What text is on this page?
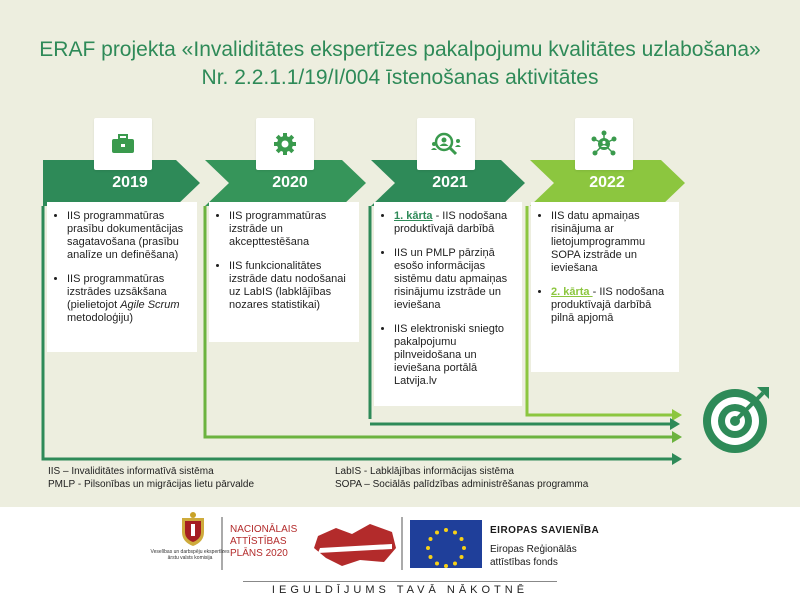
ERAF projekta «Invaliditātes ekspertīzes pakalpojumu kvalitātes uzlabošana»
Nr. 2.2.1.1/19/I/004 īstenošanas aktivitātes
2019	2020	2021	2022
• IIS programmatūras prasību dokumentācijas sagatavošana (prasību analīze un definēšana)
• IIS programmatūras izstrādes uzsākšana (pielietojot Agile Scrum metodoloģiju)
• IIS programmatūras izstrāde un akcepttestēšana
• IIS funkcionalitātes izstrāde datu nodošanai uz LabIS (labklājības nozares statistikai)
• 1. kārta - IIS nodošana produktīvajā darbībā
• IIS un PMLP pārziņā esošo informācijas sistēmu datu apmaiņas risinājumu izstrāde un ieviešana
• IIS elektroniski sniegto pakalpojumu pilnveidošana un ieviešana portālā Latvija.lv
• IIS datu apmaiņas risinājuma ar lietojumprogrammu SOPA izstrāde un ieviešana
• 2. kārta - IIS nodošana produktīvajā darbībā pilnā apjomā
IIS – Invaliditātes informatīvā sistēma
PMLP - Pilsonības un migrācijas lietu pārvalde
LabIS - Labklājības informācijas sistēma
SOPA – Sociālās palīdzības administrēšanas programma
Veselības un darbspēju ekspertīzes ārstu valsts komisija
NACIONĀLAIS
ATTĪSTĪBAS
PLĀNS 2020
EIROPAS SAVIENĪBA
Eiropas Reģionālās
attīstības fonds
IEGULDĪJUMS TAVĀ NĀKOTNĒ
